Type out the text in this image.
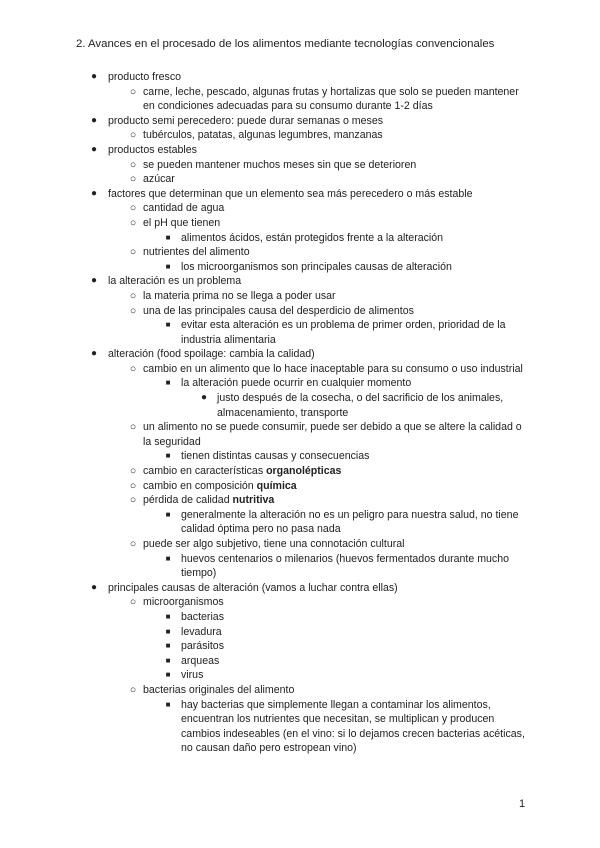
2. Avances en el procesado de los alimentos mediante tecnologías convencionales
● producto fresco
○ carne, leche, pescado, algunas frutas y hortalizas que solo se pueden mantener en condiciones adecuadas para su consumo durante 1-2 días
● producto semi perecedero: puede durar semanas o meses
○ tubérculos, patatas, algunas legumbres, manzanas
● productos estables
○ se pueden mantener muchos meses sin que se deterioren
○ azúcar
● factores que determinan que un elemento sea más perecedero o más estable
○ cantidad de agua
○ el pH que tienen
■ alimentos ácidos, están protegidos frente a la alteración
○ nutrientes del alimento
■ los microorganismos son principales causas de alteración
● la alteración es un problema
○ la materia prima no se llega a poder usar
○ una de las principales causa del desperdicio de alimentos
■ evitar esta alteración es un problema de primer orden, prioridad de la industria alimentaria
● alteración (food spoilage: cambia la calidad)
○ cambio en un alimento que lo hace inaceptable para su consumo o uso industrial
■ la alteración puede ocurrir en cualquier momento
● justo después de la cosecha, o del sacrificio de los animales, almacenamiento, transporte
○ un alimento no se puede consumir, puede ser debido a que se altere la calidad o la seguridad
■ tienen distintas causas y consecuencias
○ cambio en características organolépticas
○ cambio en composición química
○ pérdida de calidad nutritiva
■ generalmente la alteración no es un peligro para nuestra salud, no tiene calidad óptima pero no pasa nada
○ puede ser algo subjetivo, tiene una connotación cultural
■ huevos centenarios o milenarios (huevos fermentados durante mucho tiempo)
● principales causas de alteración (vamos a luchar contra ellas)
○ microorganismos
■ bacterias
■ levadura
■ parásitos
■ arqueas
■ virus
○ bacterias originales del alimento
■ hay bacterias que simplemente llegan a contaminar los alimentos, encuentran los nutrientes que necesitan, se multiplican y producen cambios indeseables (en el vino: si lo dejamos crecen bacterias acéticas, no causan daño pero estropean vino)
1
